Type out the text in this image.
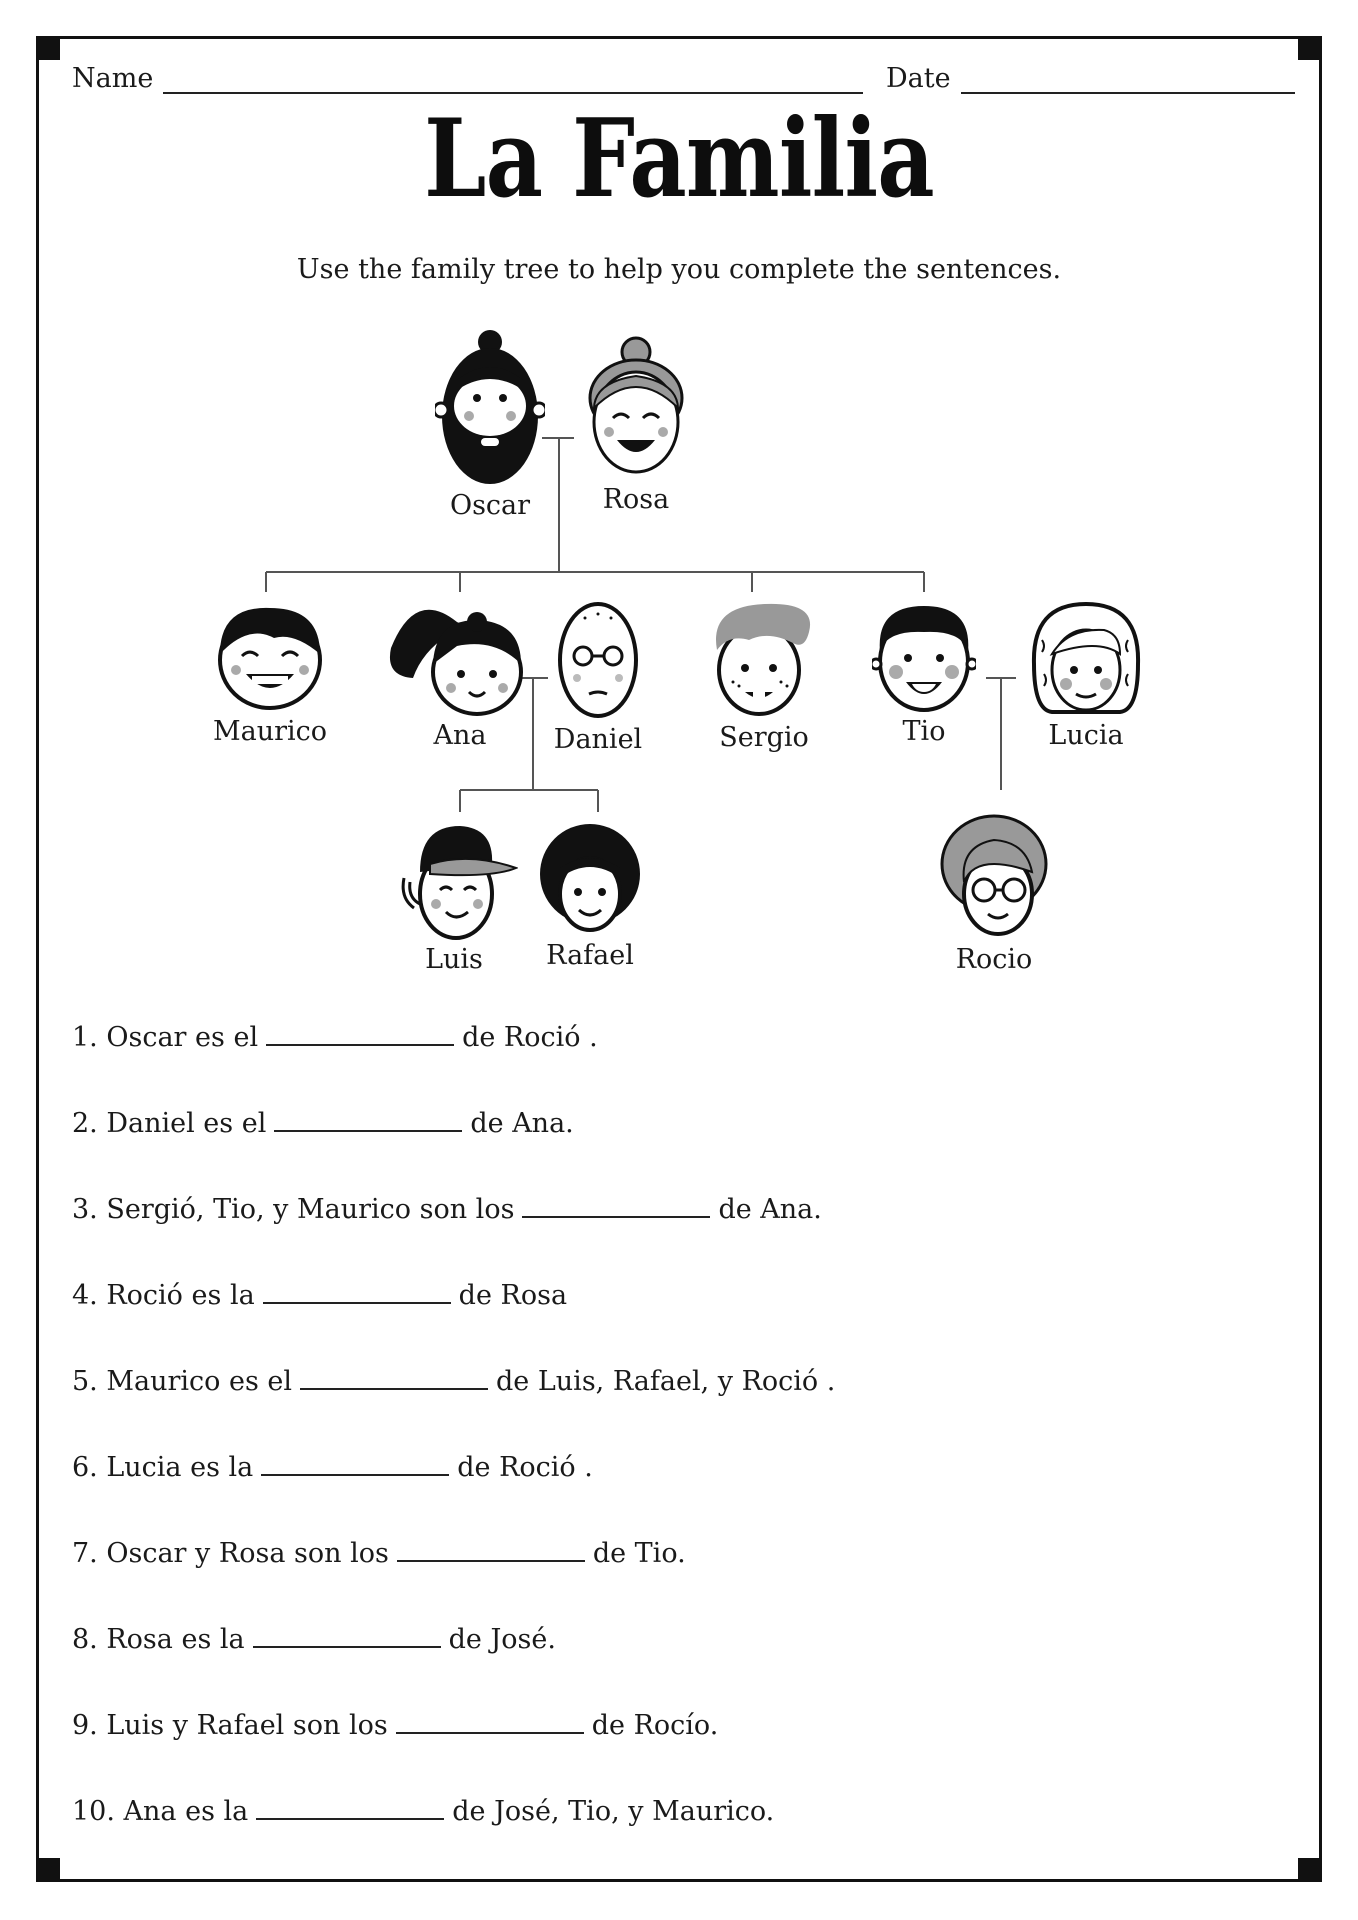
Name	Date
La Familia
Use the family tree to help you complete the sentences.
Oscar	Rosa
Maurico	Ana	Daniel	Sergio	Tio	Lucia
Luis	Rafael	Rocio
1. Oscar es el	de Roció .
2. Daniel es el	de Ana.
3. Sergió, Tio, y Maurico son los	de Ana.
4. Roció es la	de Rosa
5. Maurico es el	de Luis, Rafael, y Roció .
6. Lucia es la	de Roció .
7. Oscar y Rosa son los	de Tio.
8. Rosa es la	de José.
9. Luis y Rafael son los	de Rocío.
10. Ana es la	de José, Tio, y Maurico.
